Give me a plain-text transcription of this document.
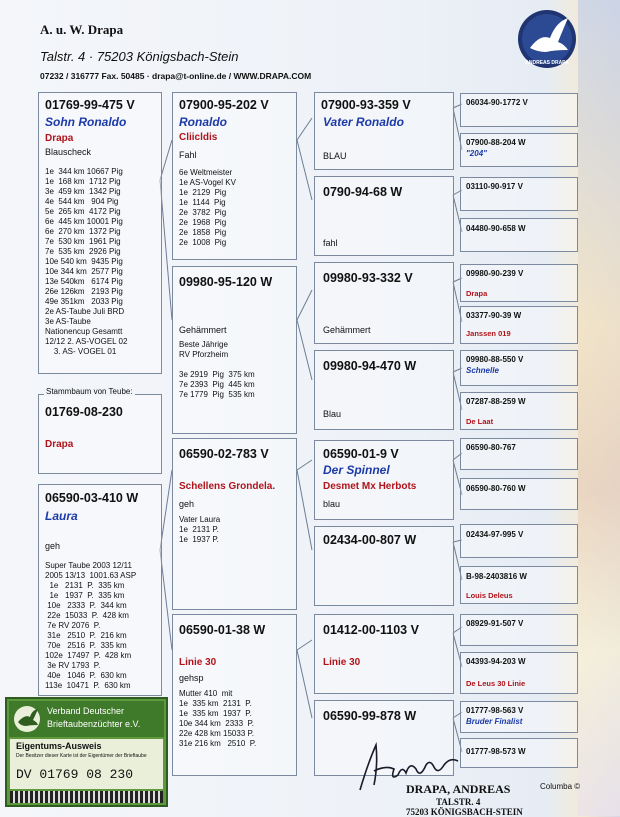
A. u. W. Drapa
Talstr. 4 · 75203 Königsbach-Stein
07232 / 316777 Fax. 50485 · drapa@t-online.de / WWW.DRAPA.COM
ANDREAS DRAPA
01769-99-475 V
Sohn Ronaldo
Drapa
Blauscheck
1e  344 km 10667 Pig
1e  168 km  1712 Pig
3e  459 km  1342 Pig
4e  544 km   904 Pig
5e  265 km  4172 Pig
6e  445 km 10001 Pig
6e  270 km  1372 Pig
7e  530 km  1961 Pig
7e  535 km  2926 Pig
10e 540 km  9435 Pig
10e 344 km  2577 Pig
13e 540km   6174 Pig
26e 126km   2193 Pig
49e 351km   2033 Pig
2e AS-Taube Juli BRD
3e AS-Taube
Nationencup Gesamtt
12/12 2. AS-VOGEL 02
3. AS- VOGEL 01
01769-08-230
Drapa
Stammbaum von Teube:
06590-03-410 W
Laura
geh
Super Taube 2003 12/11
2005 13/13  1001.63 ASP
1e   2131  P.  335 km
1e   1937  P.  335 km
10e   2333  P.  344 km
22e  15033  P.  428 km
7e RV 2076  P.
31e   2510  P.  216 km
70e   2516  P.  335 km
102e  17497  P.  428 km
3e RV 1793  P.
40e   1046  P.  630 km
113e  10471  P.  630 km
07900-95-202 V
Ronaldo
Cliicldis
Fahl
6e Weltmeister
1e AS-Vogel KV
1e  2129  Pig
1e  1144  Pig
2e  3782  Pig
2e  1968  Pig
2e  1858  Pig
2e  1008  Pig
09980-95-120 W
Gehämmert
Beste Jährige
RV Pforzheim

3e 2919  Pig  375 km
7e 2393  Pig  445 km
7e 1779  Pig  535 km
06590-02-783 V
Schellens Grondelа.
geh
Vater Laura
1e  2131 P.
1e  1937 P.
06590-01-38 W
Linie 30
gehsp
Mutter 410  mit
1e  335 km  2131  P.
1e  335 km  1937  P.
10e 344 km  2333  P.
22e 428 km 15033 P.
31e 216 km   2510  P.
07900-93-359 V
Vater Ronaldo
BLAU
0790-94-68 W
fahl
09980-93-332 V
Gehämmert
09980-94-470 W
Blau
06590-01-9 V
Der Spinnel
Desmet Mx Herbots
blau
02434-00-807 W
01412-00-1103 V
Linie 30
06590-99-878 W
06034-90-1772 V
07900-88-204 W
"204"
03110-90-917 V
04480-90-658 W
09980-90-239 V
Drapa
03377-90-39 W
Janssen 019
09980-88-550 V
Schnelle
07287-88-259 W
De Laat
06590-80-767
06590-80-760 W
02434-97-995 V
B-98-2403816 W
Louis Deleus
08929-91-507 V
04393-94-203 W
De Leus 30 Linie
01777-98-563 V
Bruder Finalist
01777-98-573 W
Verband Deutscher
Brieftaubenzüchter e.V.
Eigentums-Ausweis
Der Besitzer dieser Karte ist der Eigentümer der Brieftaube
DV 01769 08 230
DRAPA, ANDREAS
TALSTR. 4
75203 KÖNIGSBACH-STEIN
Columba ©
